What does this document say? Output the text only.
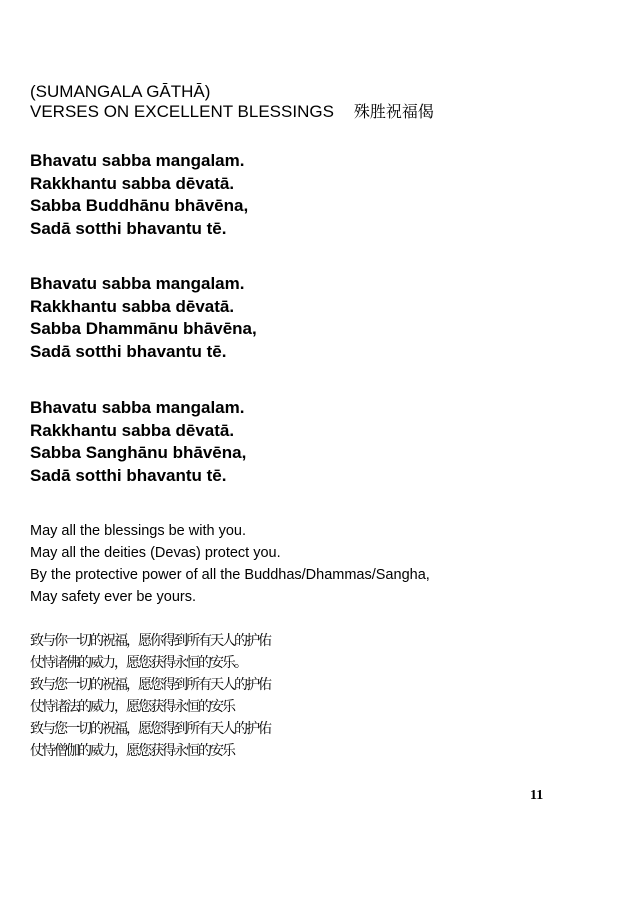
(SUMANGALA GĀTHĀ)
VERSES ON EXCELLENT BLESSINGS 殊胜祝福偈
Bhavatu sabba mangalam.
Rakkhantu sabba dēvatā.
Sabba Buddhānu bhāvēna,
Sadā sotthi bhavantu tē.
Bhavatu sabba mangalam.
Rakkhantu sabba dēvatā.
Sabba Dhammānu bhāvēna,
Sadā sotthi bhavantu tē.
Bhavatu sabba mangalam.
Rakkhantu sabba dēvatā.
Sabba Sanghānu bhāvēna,
Sadā sotthi bhavantu tē.
May all the blessings be with you.
May all the deities (Devas) protect you.
By the protective power of all the Buddhas/Dhammas/Sangha,
May safety ever be yours.
致与你一切的祝福，愿你得到所有天人的护佑
仗恃诸佛的威力，愿您获得永恒的安乐。
致与您一切的祝福，愿您得到所有天人的护佑
仗恃诸法的威力，愿您获得永恒的安乐
致与您一切的祝福，愿您得到所有天人的护佑
仗恃僧伽的威力，愿您获得永恒的安乐
11
